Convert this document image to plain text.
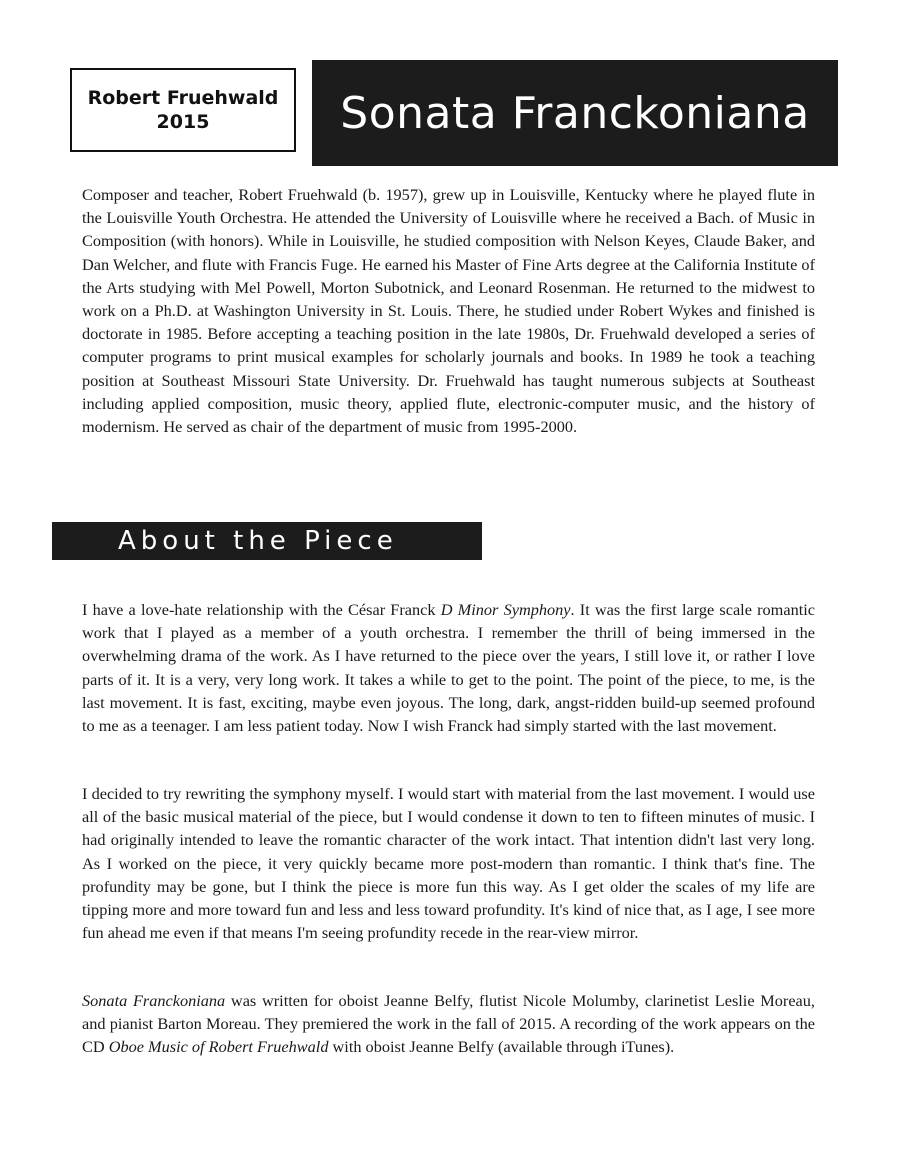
Robert Fruehwald
2015	Sonata Franckoniana

Composer and teacher, Robert Fruehwald (b. 1957), grew up in Louisville, Kentucky where he played flute in the Louisville Youth Orchestra. He attended the University of Louisville where he received a Bach. of Music in Composition (with honors). While in Louisville, he studied composition with Nelson Keyes, Claude Baker, and Dan Welcher, and flute with Francis Fuge. He earned his Master of Fine Arts degree at the California Institute of the Arts studying with Mel Powell, Morton Subotnick, and Leonard Rosenman. He returned to the midwest to work on a Ph.D. at Washington University in St. Louis. There, he studied under Robert Wykes and finished is doctorate in 1985. Before accepting a teaching position in the late 1980s, Dr. Fruehwald developed a series of computer programs to print musical examples for scholarly journals and books. In 1989 he took a teaching position at Southeast Missouri State University. Dr. Fruehwald has taught numerous subjects at Southeast including applied composition, music theory, applied flute, electronic-computer music, and the history of modernism. He served as chair of the department of music from 1995-2000.

About the Piece

I have a love-hate relationship with the César Franck D Minor Symphony. It was the first large scale romantic work that I played as a member of a youth orchestra. I remember the thrill of being immersed in the overwhelming drama of the work. As I have returned to the piece over the years, I still love it, or rather I love parts of it. It is a very, very long work. It takes a while to get to the point. The point of the piece, to me, is the last movement. It is fast, exciting, maybe even joyous. The long, dark, angst-ridden build-up seemed profound to me as a teenager. I am less patient today. Now I wish Franck had simply started with the last movement.

I decided to try rewriting the symphony myself. I would start with material from the last movement. I would use all of the basic musical material of the piece, but I would condense it down to ten to fifteen minutes of music. I had originally intended to leave the romantic character of the work intact. That intention didn't last very long. As I worked on the piece, it very quickly became more post-modern than romantic. I think that's fine. The profundity may be gone, but I think the piece is more fun this way. As I get older the scales of my life are tipping more and more toward fun and less and less toward profundity. It's kind of nice that, as I age, I see more fun ahead me even if that means I'm seeing profundity recede in the rear-view mirror.

Sonata Franckoniana was written for oboist Jeanne Belfy, flutist Nicole Molumby, clarinetist Leslie Moreau, and pianist Barton Moreau. They premiered the work in the fall of 2015. A recording of the work appears on the CD Oboe Music of Robert Fruehwald with oboist Jeanne Belfy (available through iTunes).
